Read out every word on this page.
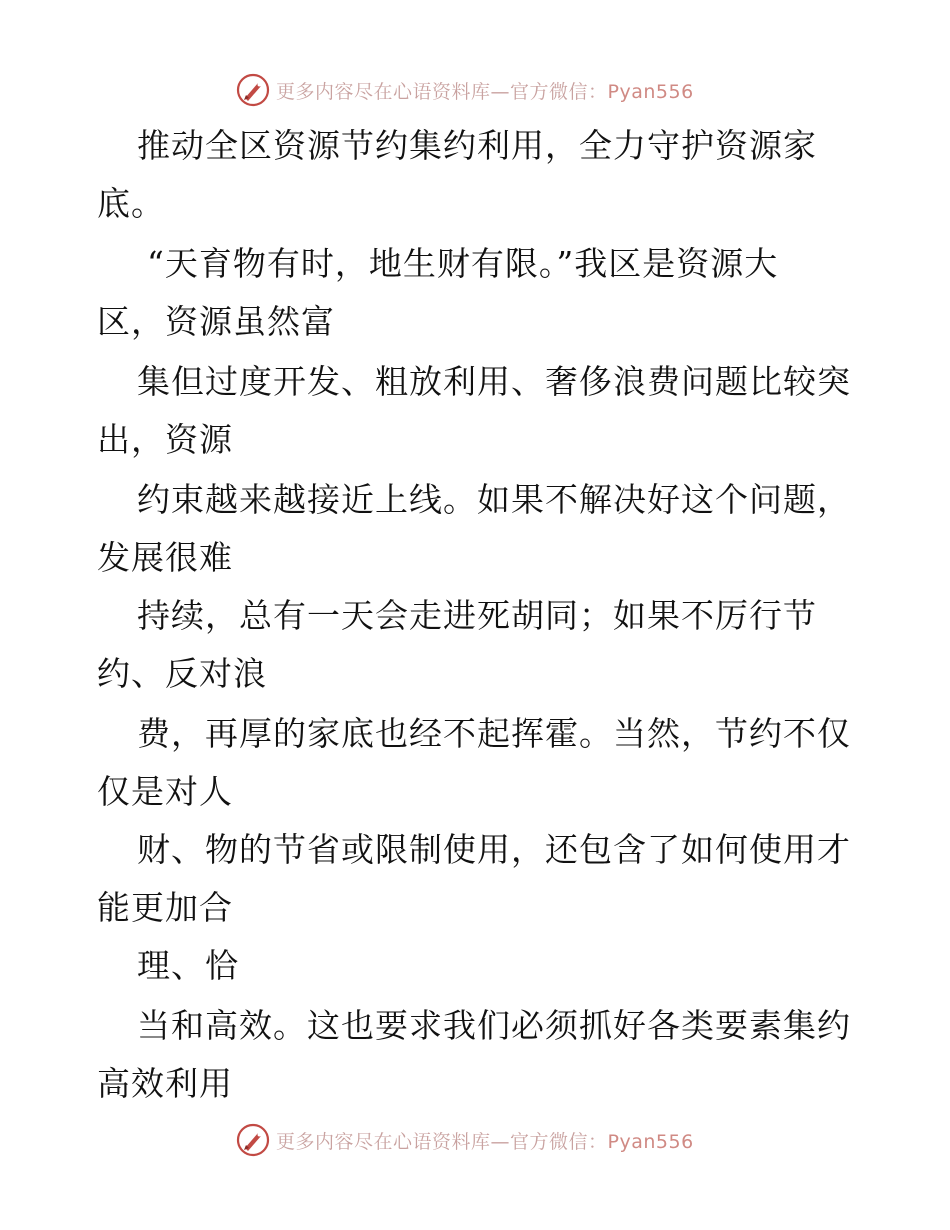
更多内容尽在心语资料库—官方微信：Pyan556
推动全区资源节约集约利用，全力守护资源家
底。
“天育物有时，地生财有限。”我区是资源大
区，资源虽然富
集但过度开发、粗放利用、奢侈浪费问题比较突
出，资源
约束越来越接近上线。如果不解决好这个问题，
发展很难
持续，总有一天会走进死胡同；如果不厉行节
约、反对浪
费，再厚的家底也经不起挥霍。当然，节约不仅
仅是对人
财、物的节省或限制使用，还包含了如何使用才
能更加合
理、恰
当和高效。这也要求我们必须抓好各类要素集约
高效利用
更多内容尽在心语资料库—官方微信：Pyan556
